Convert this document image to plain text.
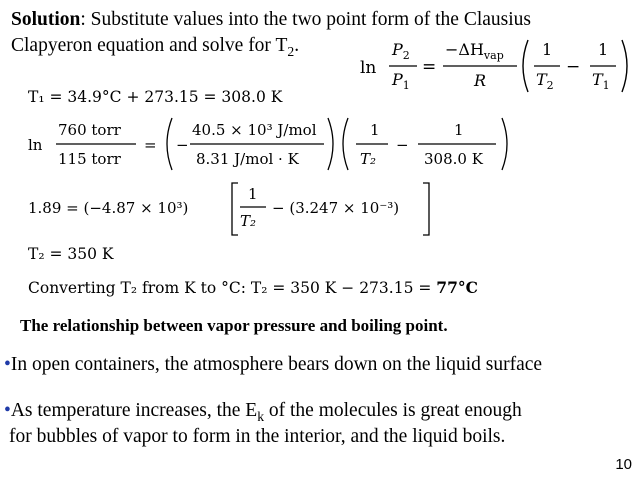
Solution: Substitute values into the two point form of the Clausius
Clapyeron equation and solve for $T_2$.
ln
$P_2$
$P_1$
=
$-\Delta H_{vap}$
R
1
$T_2$
−
1
$T_1$
T₁ = 34.9°C + 273.15 = 308.0 K
ln
760 torr
115 torr
= −
40.5 × 10³ J/mol
8.31 J/mol · K
1
T₂
−
1
308.0 K
1.89 = (−4.87 × 10³)
1
T₂
− (3.247 × 10⁻³)
T₂ = 350 K
Converting T₂ from K to °C: T₂ = 350 K − 273.15 = 77°C
The relationship between vapor pressure and boiling point.
•In open containers, the atmosphere bears down on the liquid surface
•As temperature increases, the $E_k$ of the molecules is great enough
for bubbles of vapor to form in the interior, and the liquid boils.
10
